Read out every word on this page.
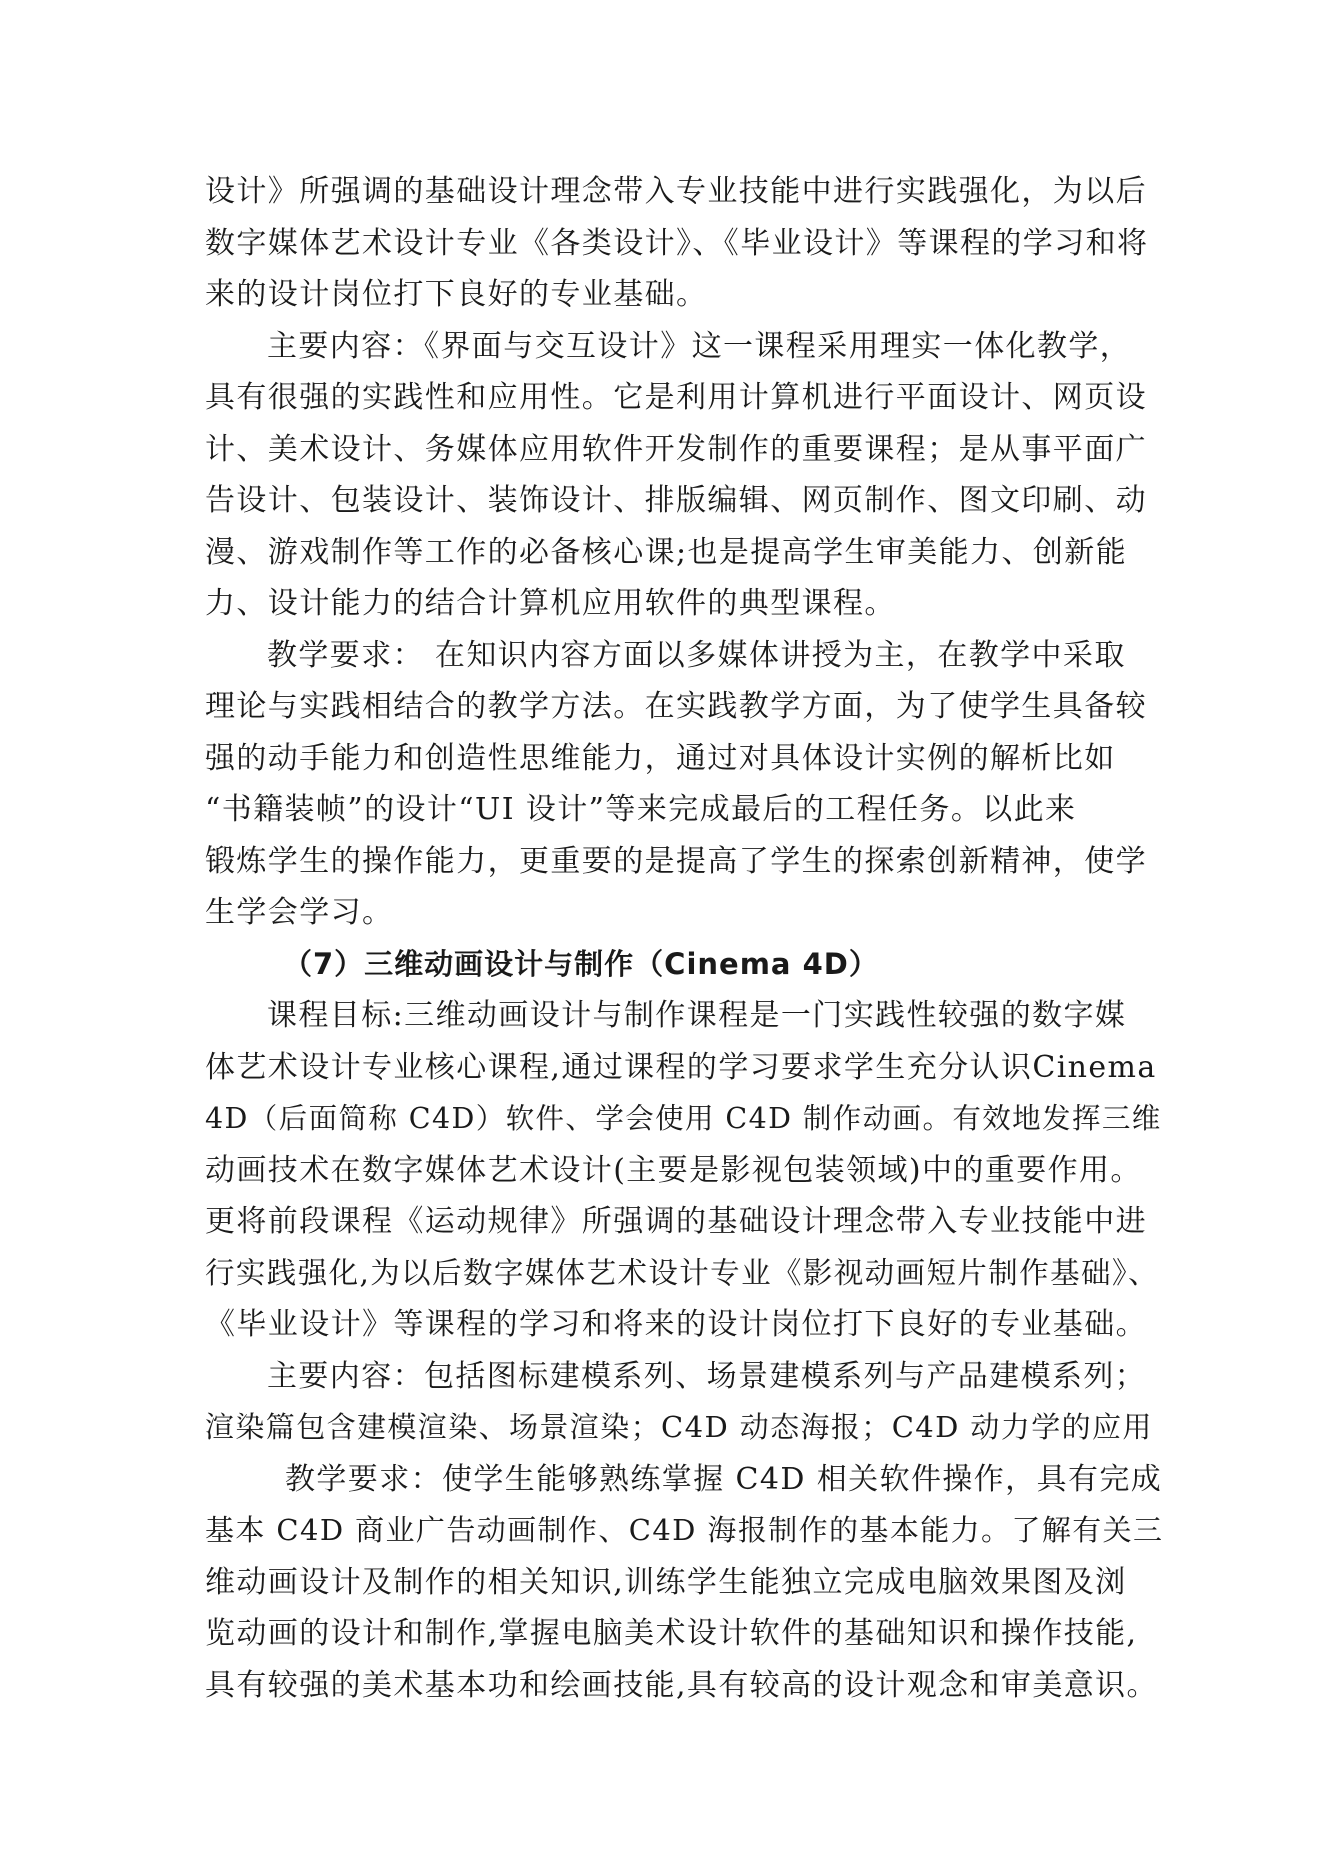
设计》所强调的基础设计理念带入专业技能中进行实践强化，为以后
数字媒体艺术设计专业《各类设计》、《毕业设计》等课程的学习和将
来的设计岗位打下良好的专业基础。
主要内容：《界面与交互设计》这一课程采用理实一体化教学，
具有很强的实践性和应用性。它是利用计算机进行平面设计、网页设
计、美术设计、务媒体应用软件开发制作的重要课程；是从事平面广
告设计、包装设计、装饰设计、排版编辑、网页制作、图文印刷、动
漫、游戏制作等工作的必备核心课;也是提高学生审美能力、创新能
力、设计能力的结合计算机应用软件的典型课程。
教学要求： 在知识内容方面以多媒体讲授为主，在教学中采取
理论与实践相结合的教学方法。在实践教学方面，为了使学生具备较
强的动手能力和创造性思维能力，通过对具体设计实例的解析比如
“书籍装帧”的设计“UI 设计”等来完成最后的工程任务。以此来
锻炼学生的操作能力，更重要的是提高了学生的探索创新精神，使学
生学会学习。
（7）三维动画设计与制作（Cinema 4D）
课程目标:三维动画设计与制作课程是一门实践性较强的数字媒
体艺术设计专业核心课程,通过课程的学习要求学生充分认识Cinema
4D（后面简称 C4D）软件、学会使用 C4D 制作动画。有效地发挥三维
动画技术在数字媒体艺术设计(主要是影视包装领域)中的重要作用。
更将前段课程《运动规律》所强调的基础设计理念带入专业技能中进
行实践强化,为以后数字媒体艺术设计专业《影视动画短片制作基础》、
《毕业设计》等课程的学习和将来的设计岗位打下良好的专业基础。
主要内容：包括图标建模系列、场景建模系列与产品建模系列；
渲染篇包含建模渲染、场景渲染；C4D 动态海报；C4D 动力学的应用
教学要求：使学生能够熟练掌握 C4D 相关软件操作，具有完成
基本 C4D 商业广告动画制作、C4D 海报制作的基本能力。了解有关三
维动画设计及制作的相关知识,训练学生能独立完成电脑效果图及浏
览动画的设计和制作,掌握电脑美术设计软件的基础知识和操作技能,
具有较强的美术基本功和绘画技能,具有较高的设计观念和审美意识。
